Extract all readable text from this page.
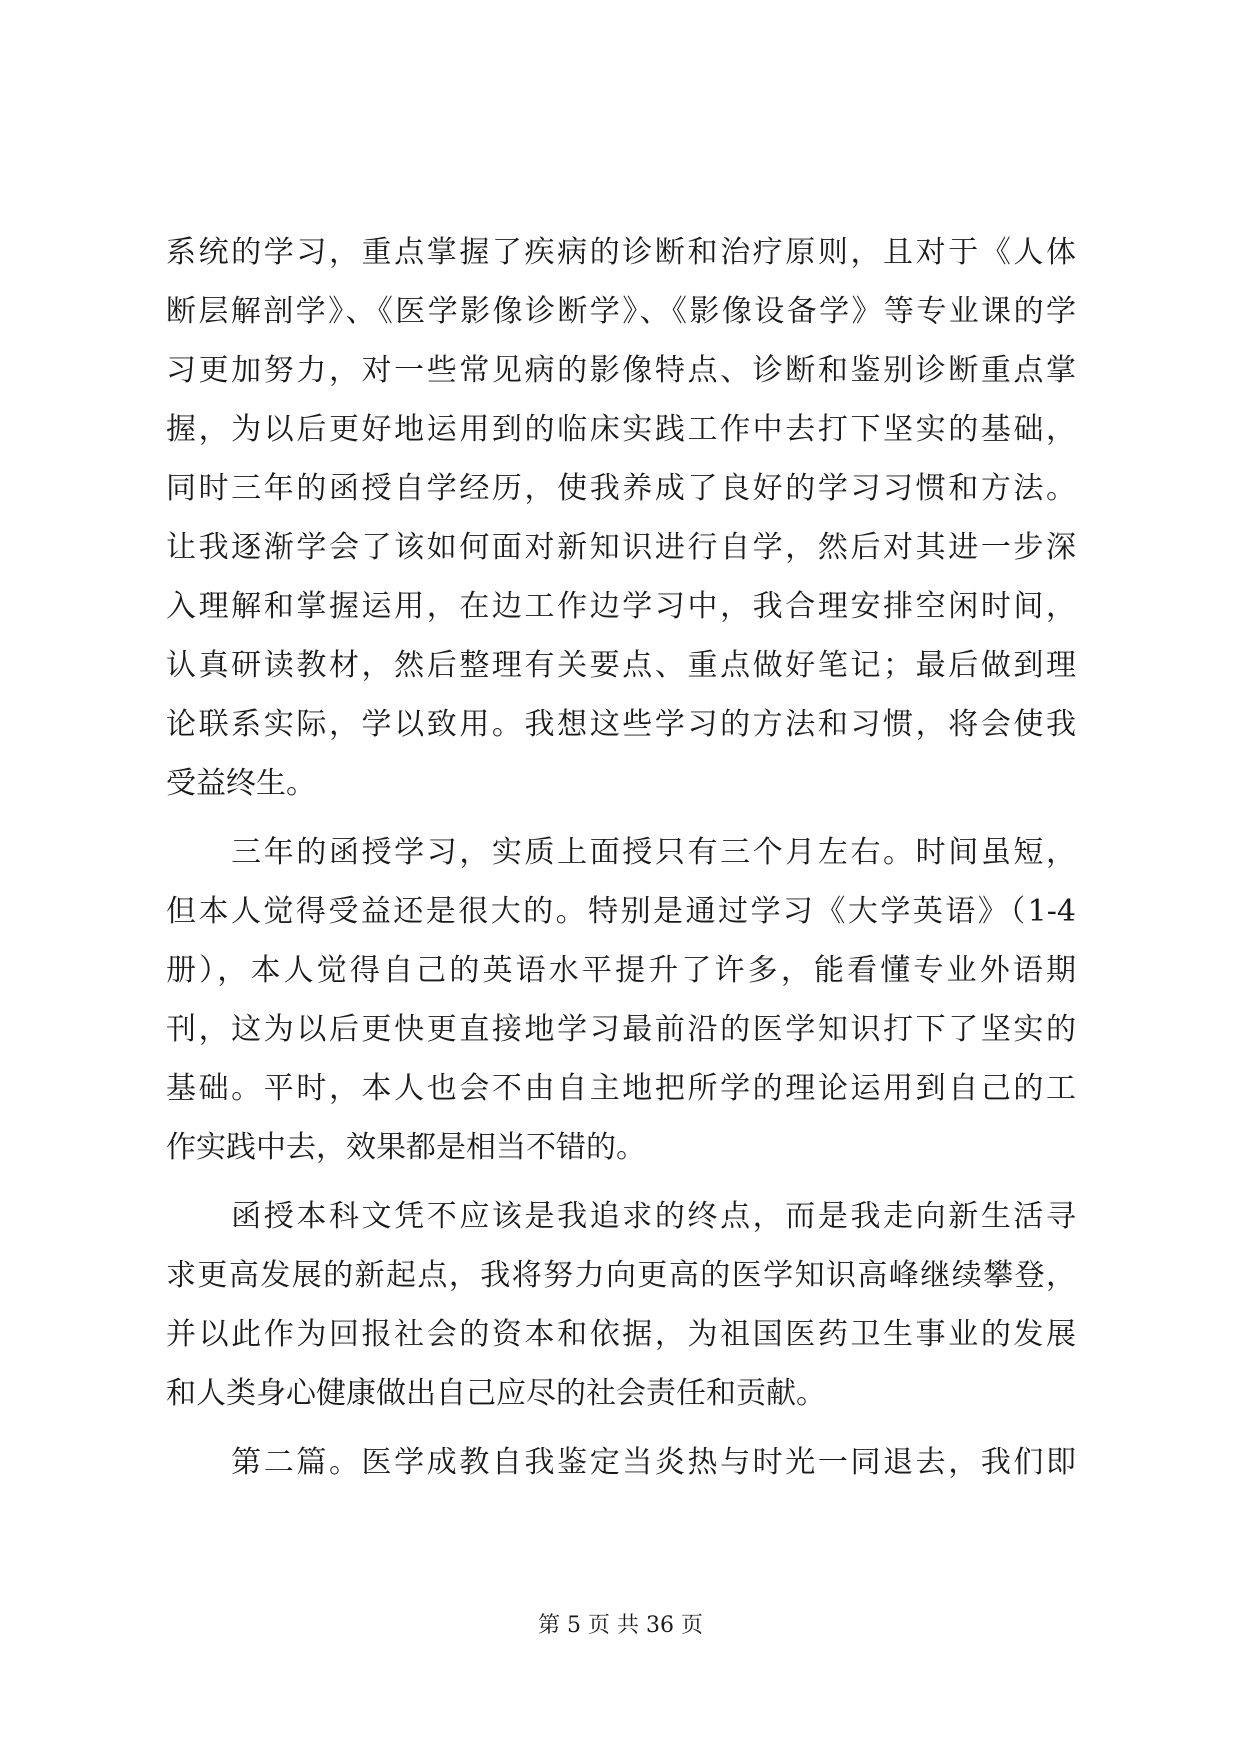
系统的学习，重点掌握了疾病的诊断和治疗原则，且对于《人体
断层解剖学》、《医学影像诊断学》、《影像设备学》等专业课的学
习更加努力，对一些常见病的影像特点、诊断和鉴别诊断重点掌
握，为以后更好地运用到的临床实践工作中去打下坚实的基础，
同时三年的函授自学经历，使我养成了良好的学习习惯和方法。
让我逐渐学会了该如何面对新知识进行自学，然后对其进一步深
入理解和掌握运用，在边工作边学习中，我合理安排空闲时间，
认真研读教材，然后整理有关要点、重点做好笔记；最后做到理
论联系实际，学以致用。我想这些学习的方法和习惯，将会使我
受益终生。
　　三年的函授学习，实质上面授只有三个月左右。时间虽短，
但本人觉得受益还是很大的。特别是通过学习《大学英语》（1-4
册），本人觉得自己的英语水平提升了许多，能看懂专业外语期
刊，这为以后更快更直接地学习最前沿的医学知识打下了坚实的
基础。平时，本人也会不由自主地把所学的理论运用到自己的工
作实践中去，效果都是相当不错的。
　　函授本科文凭不应该是我追求的终点，而是我走向新生活寻
求更高发展的新起点，我将努力向更高的医学知识高峰继续攀登，
并以此作为回报社会的资本和依据，为祖国医药卫生事业的发展
和人类身心健康做出自己应尽的社会责任和贡献。
　　第二篇。医学成教自我鉴定当炎热与时光一同退去，我们即
第 5 页 共 36 页
